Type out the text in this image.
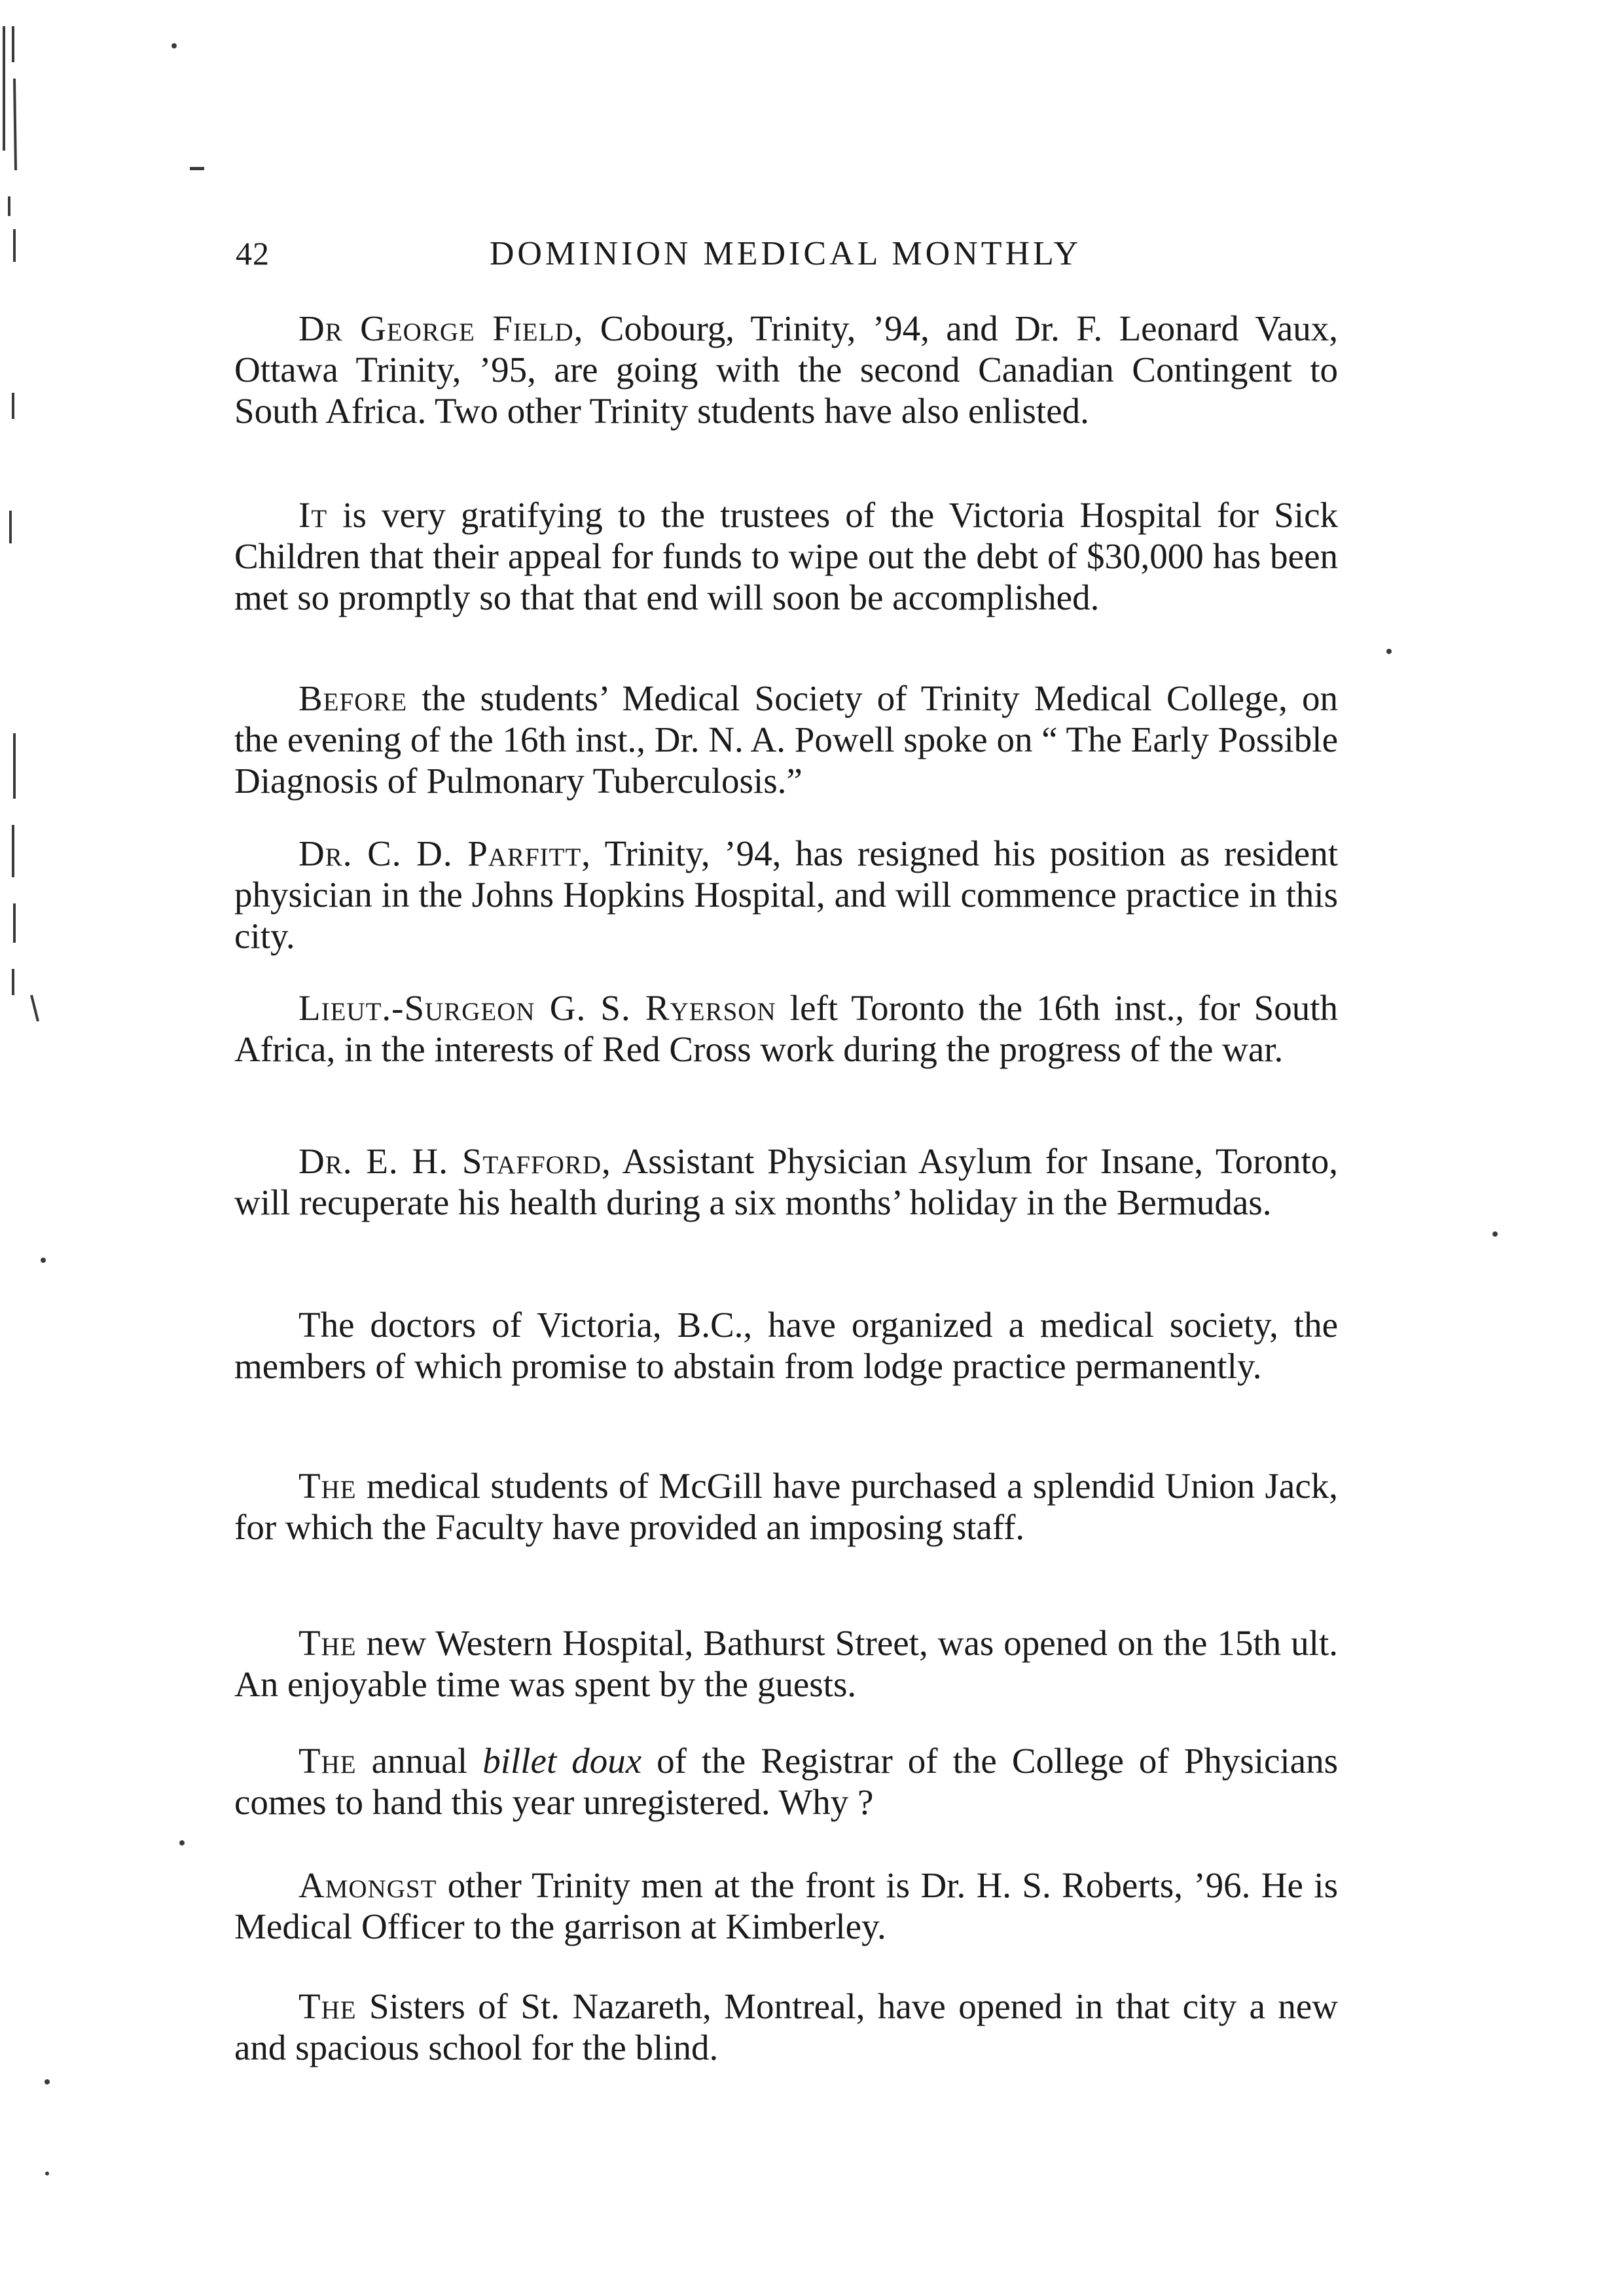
42	DOMINION MEDICAL MONTHLY

Dr George Field, Cobourg, Trinity, ’94, and Dr. F. Leonard Vaux, Ottawa Trinity, ’95, are going with the second Canadian Contingent to South Africa. Two other Trinity students have also enlisted.

It is very gratifying to the trustees of the Victoria Hospital for Sick Children that their appeal for funds to wipe out the debt of $30,000 has been met so promptly so that that end will soon be accomplished.

Before the students’ Medical Society of Trinity Medical College, on the evening of the 16th inst., Dr. N. A. Powell spoke on “ The Early Possible Diagnosis of Pulmonary Tuberculosis.”

Dr. C. D. Parfitt, Trinity, ’94, has resigned his position as resident physician in the Johns Hopkins Hospital, and will commence practice in this city.

Lieut.-Surgeon G. S. Ryerson left Toronto the 16th inst., for South Africa, in the interests of Red Cross work during the progress of the war.

Dr. E. H. Stafford, Assistant Physician Asylum for Insane, Toronto, will recuperate his health during a six months’ holiday in the Bermudas.

The doctors of Victoria, B.C., have organized a medical society, the members of which promise to abstain from lodge practice permanently.

The medical students of McGill have purchased a splendid Union Jack, for which the Faculty have provided an imposing staff.

The new Western Hospital, Bathurst Street, was opened on the 15th ult. An enjoyable time was spent by the guests.

The annual billet doux of the Registrar of the College of Physicians comes to hand this year unregistered. Why ?

Amongst other Trinity men at the front is Dr. H. S. Roberts, ’96. He is Medical Officer to the garrison at Kimberley.

The Sisters of St. Nazareth, Montreal, have opened in that city a new and spacious school for the blind.
